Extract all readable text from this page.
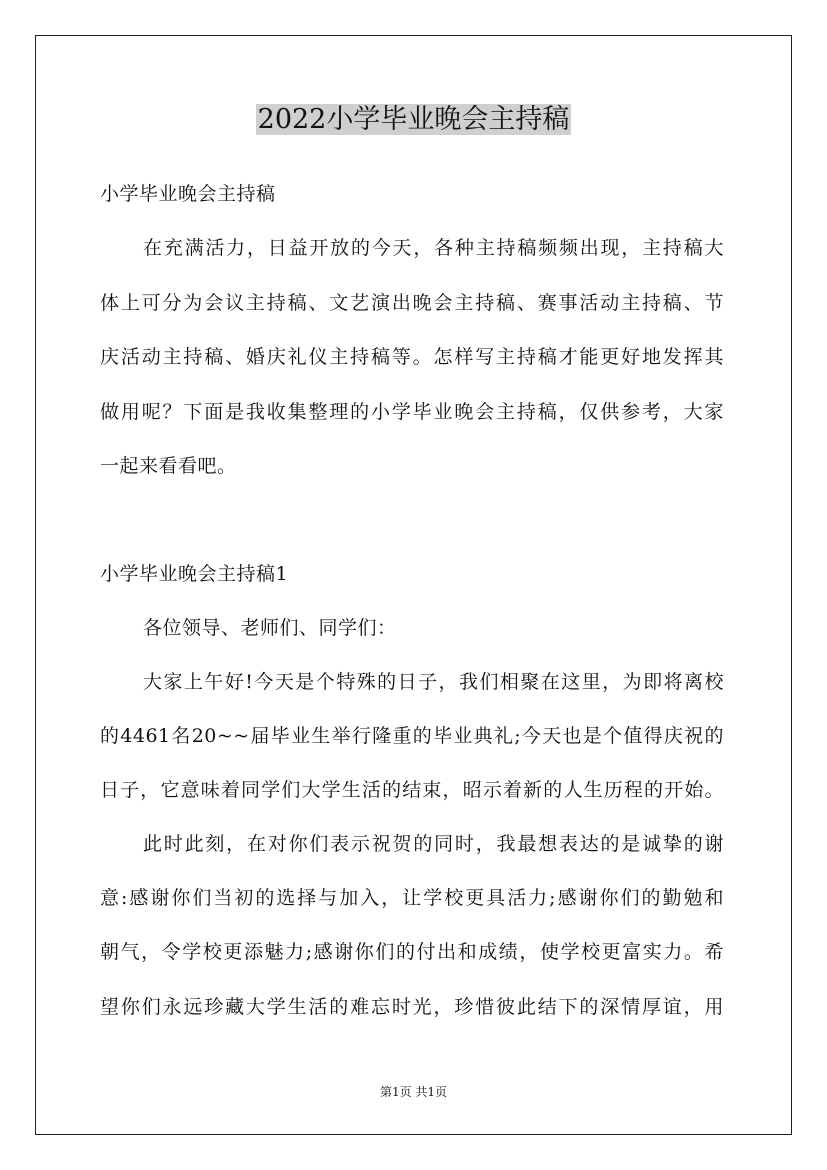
2022小学毕业晚会主持稿
小学毕业晚会主持稿
在充满活力，日益开放的今天，各种主持稿频频出现，主持稿大
体上可分为会议主持稿、文艺演出晚会主持稿、赛事活动主持稿、节
庆活动主持稿、婚庆礼仪主持稿等。怎样写主持稿才能更好地发挥其
做用呢？下面是我收集整理的小学毕业晚会主持稿，仅供参考，大家
一起来看看吧。
小学毕业晚会主持稿1
各位领导、老师们、同学们：
大家上午好!今天是个特殊的日子，我们相聚在这里，为即将离校
的4461名20~~届毕业生举行隆重的毕业典礼;今天也是个值得庆祝的
日子，它意味着同学们大学生活的结束，昭示着新的人生历程的开始。
此时此刻，在对你们表示祝贺的同时，我最想表达的是诚挚的谢
意:感谢你们当初的选择与加入，让学校更具活力;感谢你们的勤勉和
朝气，令学校更添魅力;感谢你们的付出和成绩，使学校更富实力。希
望你们永远珍藏大学生活的难忘时光，珍惜彼此结下的深情厚谊，用
第1页 共1页
